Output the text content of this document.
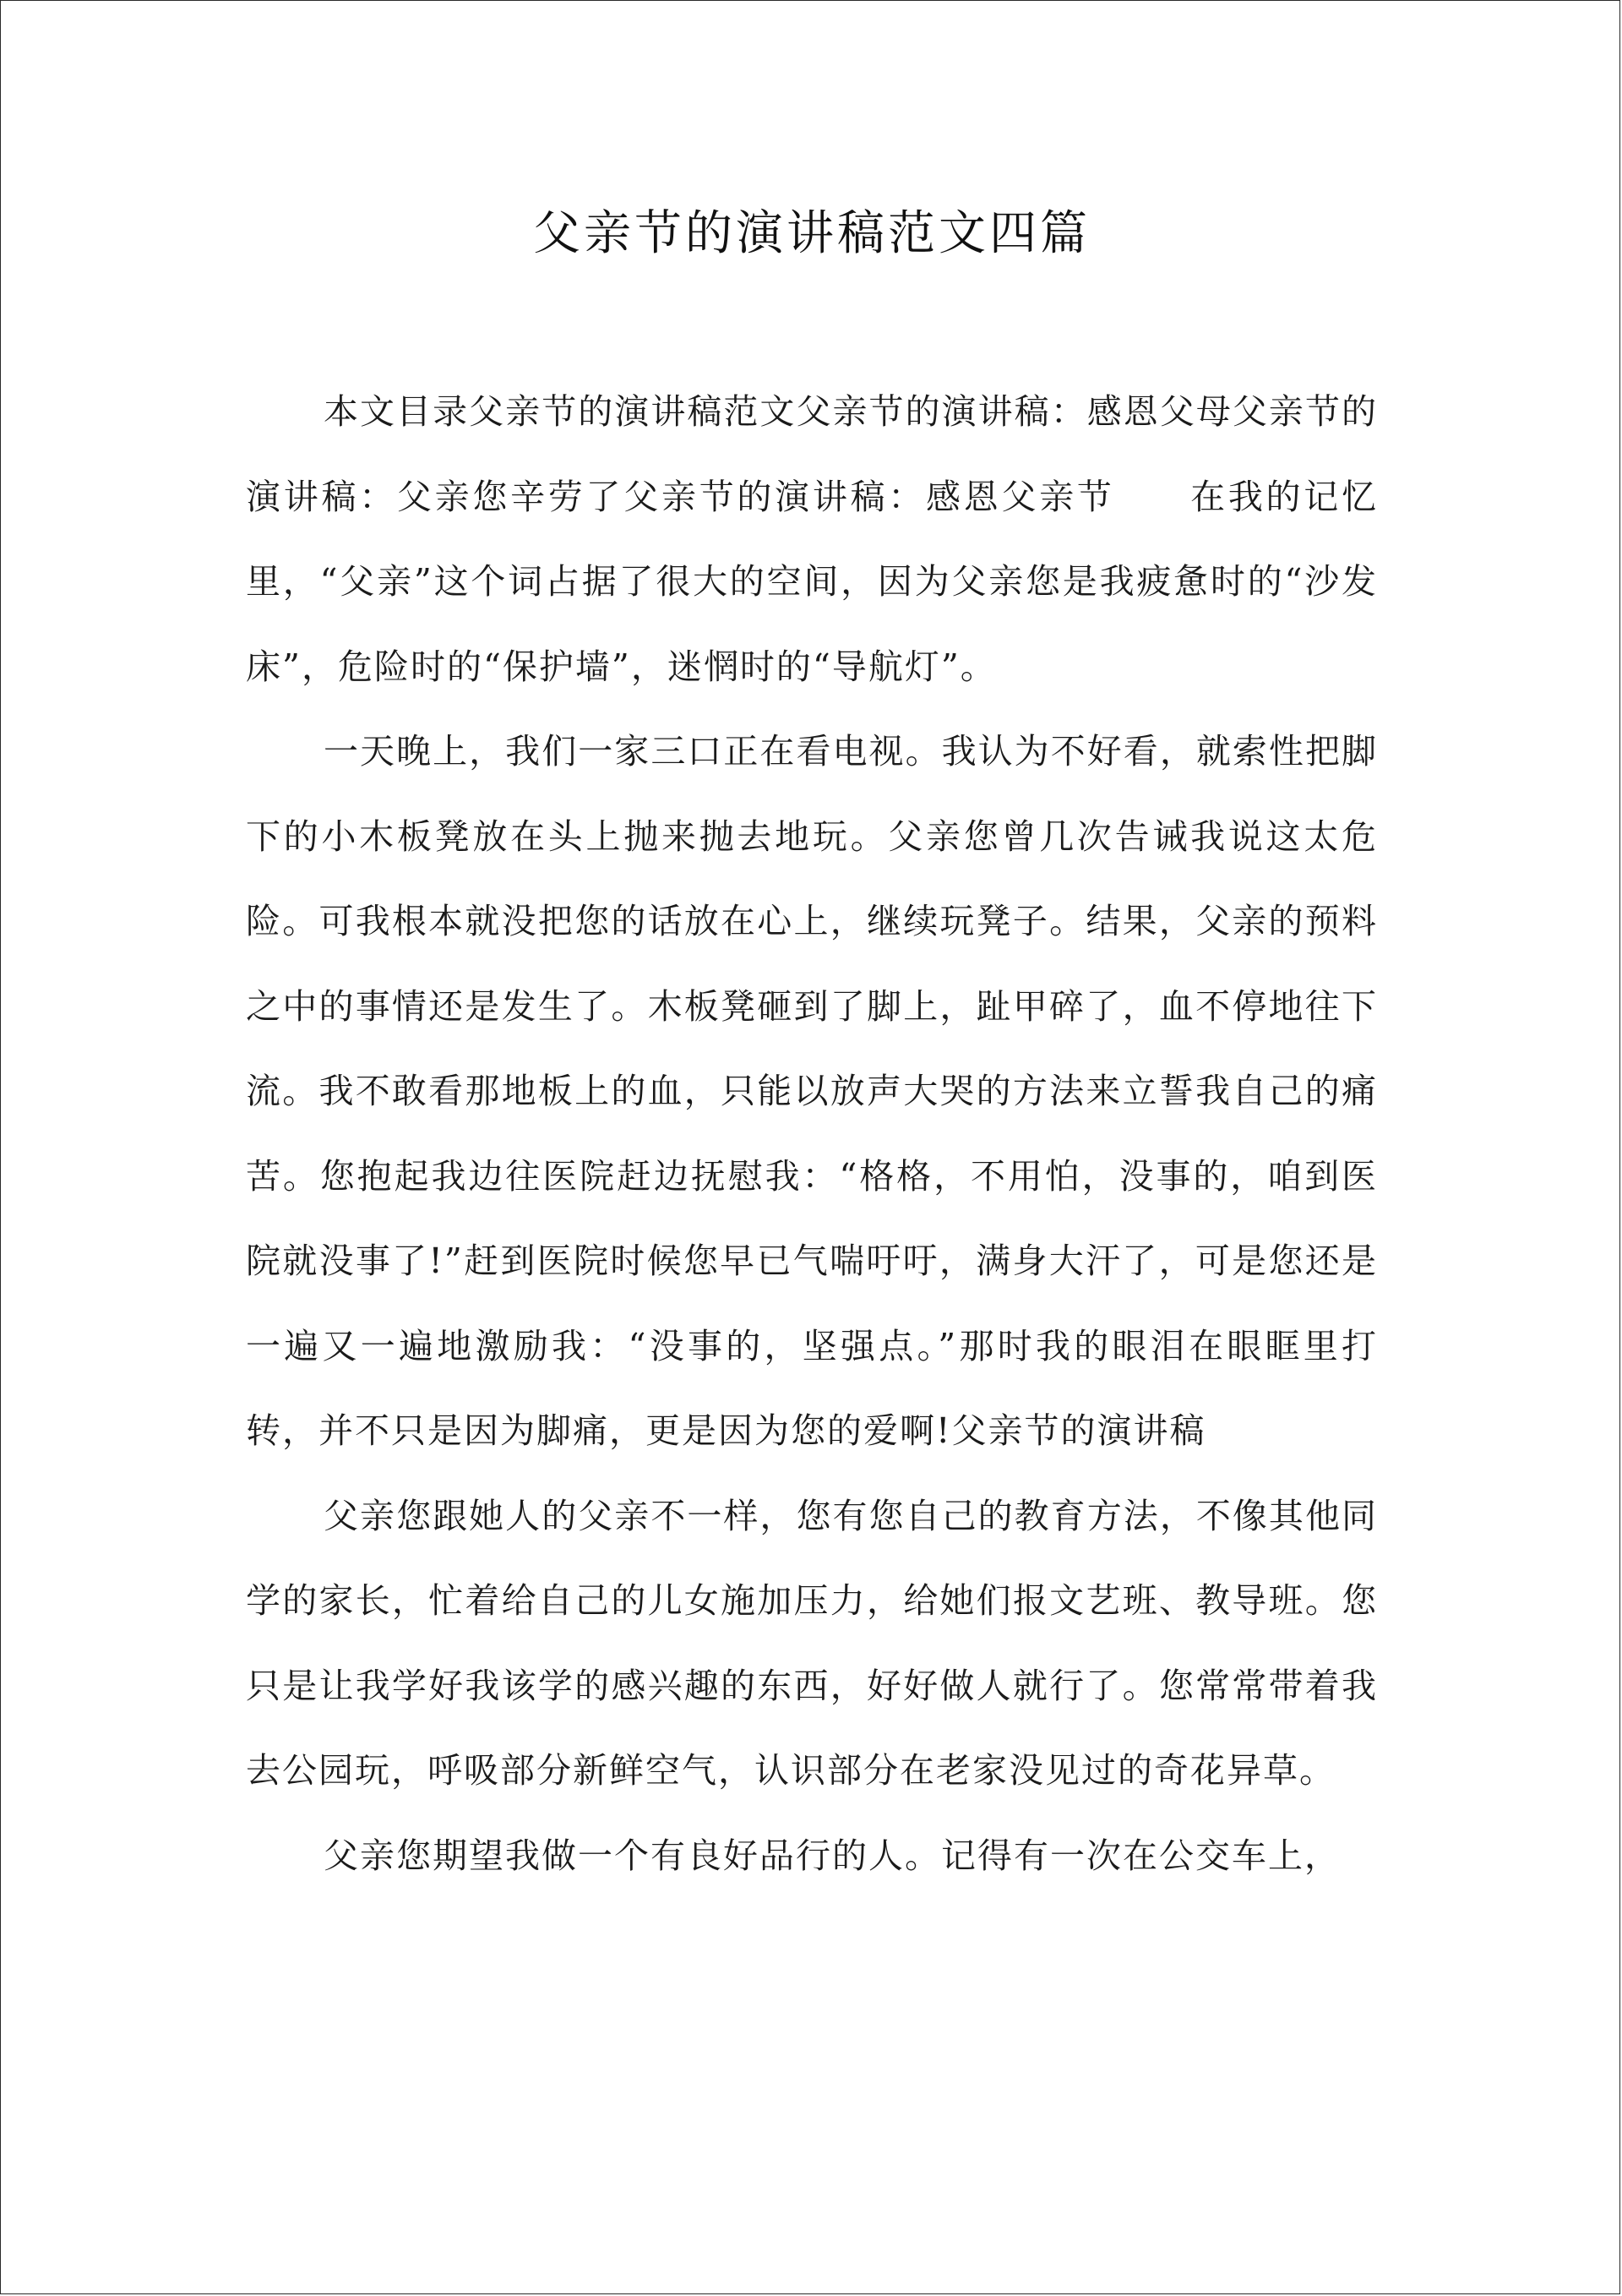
父亲节的演讲稿范文四篇

本文目录父亲节的演讲稿范文父亲节的演讲稿：感恩父母父亲节的演讲稿：父亲您辛劳了父亲节的演讲稿：感恩父亲节　　在我的记忆里，“父亲”这个词占据了很大的空间，因为父亲您是我疲惫时的“沙发床”，危险时的“保护墙”，迷惘时的“导航灯”。

一天晚上，我们一家三口正在看电视。我认为不好看，就索性把脚下的小木板凳放在头上抛来抛去地玩。父亲您曾几次告诫我说这太危险。可我根本就没把您的话放在心上，继续玩凳子。结果，父亲的预料之中的事情还是发生了。木板凳砸到了脚上，趾甲碎了，血不停地往下流。我不敢看那地板上的血，只能以放声大哭的方法来立誓我自己的痛苦。您抱起我边往医院赶边抚慰我：“格格，不用怕，没事的，咱到医院就没事了!”赶到医院时候您早已气喘吁吁，满身大汗了，可是您还是一遍又一遍地激励我：“没事的，坚强点。”那时我的眼泪在眼眶里打转，并不只是因为脚痛，更是因为您的爱啊!父亲节的演讲稿

父亲您跟她人的父亲不一样，您有您自己的教育方法，不像其他同学的家长，忙着给自己的儿女施加压力，给她们报文艺班、教导班。您只是让我学好我该学的感兴趣的东西，好好做人就行了。您常常带着我去公园玩，呼吸部分新鲜空气，认识部分在老家没见过的奇花异草。

父亲您期望我做一个有良好品行的人。记得有一次在公交车上，
